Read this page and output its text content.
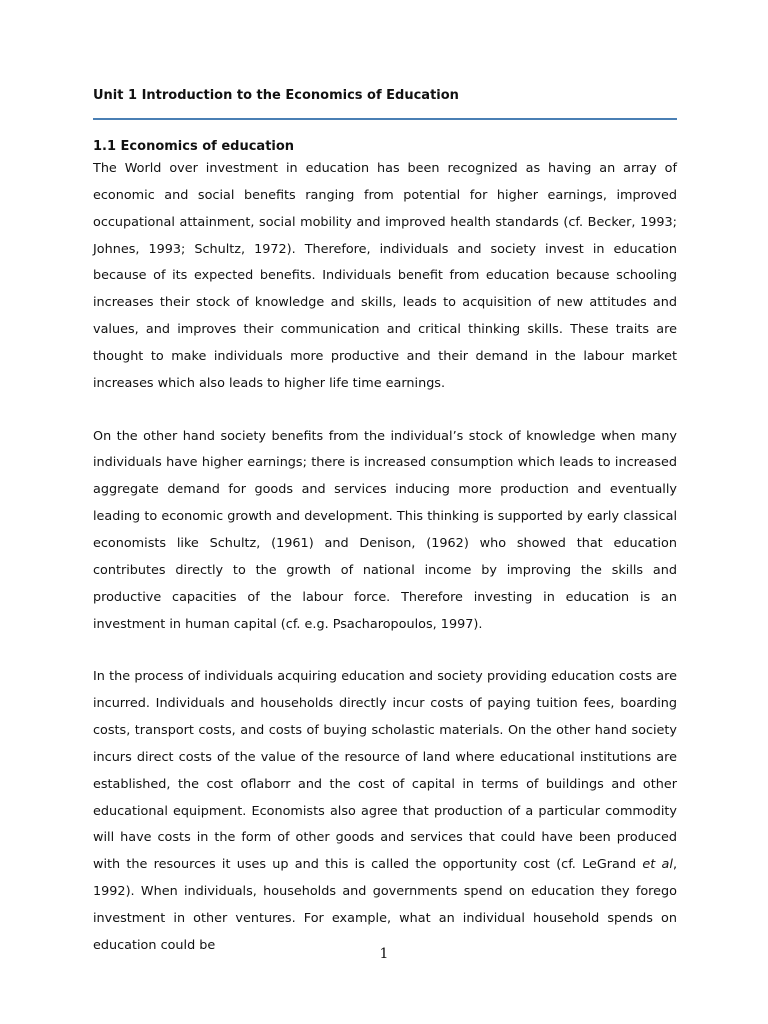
Unit 1 Introduction to the Economics of Education
1.1 Economics of education

The World over investment in education has been recognized as having an array of economic and social benefits ranging from potential for higher earnings, improved occupational attainment, social mobility and improved health standards (cf. Becker, 1993; Johnes, 1993; Schultz, 1972). Therefore, individuals and society invest in education because of its expected benefits. Individuals benefit from education because schooling increases their stock of knowledge and skills, leads to acquisition of new attitudes and values, and improves their communication and critical thinking skills. These traits are thought to make individuals more productive and their demand in the labour market increases which also leads to higher life time earnings.

On the other hand society benefits from the individual’s stock of knowledge when many individuals have higher earnings; there is increased consumption which leads to increased aggregate demand for goods and services inducing more production and eventually leading to economic growth and development. This thinking is supported by early classical economists like Schultz, (1961) and Denison, (1962) who showed that education contributes directly to the growth of national income by improving the skills and productive capacities of the labour force. Therefore investing in education is an investment in human capital (cf. e.g. Psacharopoulos, 1997).

In the process of individuals acquiring education and society providing education costs are incurred. Individuals and households directly incur costs of paying tuition fees, boarding costs, transport costs, and costs of buying scholastic materials. On the other hand society incurs direct costs of the value of the resource of land where educational institutions are established, the cost oflaborr and the cost of capital in terms of buildings and other educational equipment. Economists also agree that production of a particular commodity will have costs in the form of other goods and services that could have been produced with the resources it uses up and this is called the opportunity cost (cf. LeGrand et al, 1992). When individuals, households and governments spend on education they forego investment in other ventures. For example, what an individual household spends on education could be

1
